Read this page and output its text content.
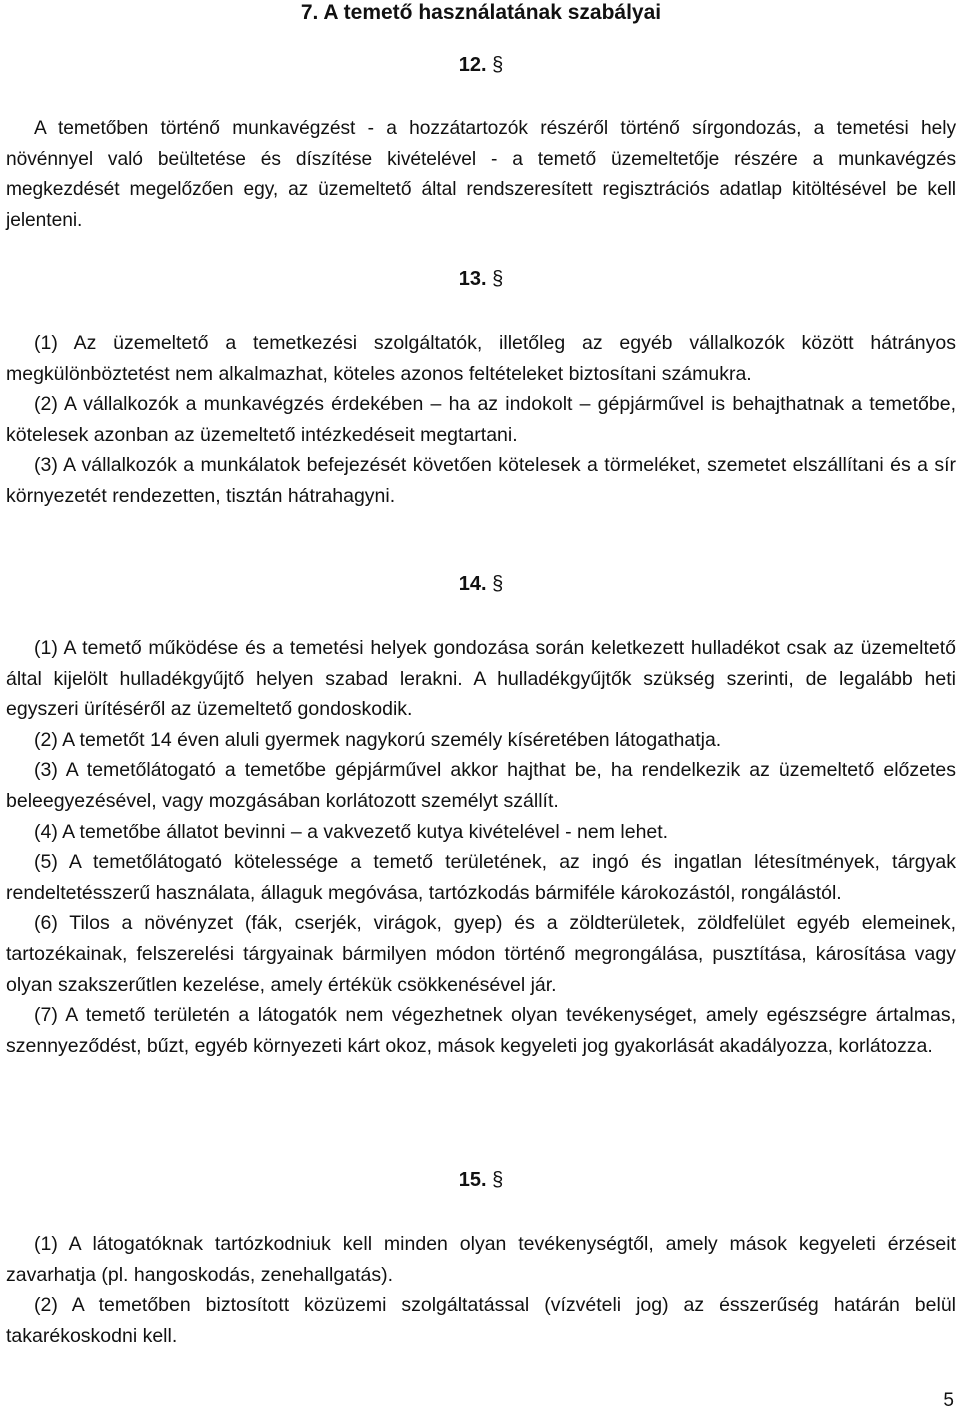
7. A temető használatának szabályai
12. §

A temetőben történő munkavégzést - a hozzátartozók részéről történő sírgondozás, a temetési hely növénnyel való beültetése és díszítése kivételével - a temető üzemeltetője részére a munkavégzés megkezdését megelőzően egy, az üzemeltető által rendszeresített regisztrációs adatlap kitöltésével be kell jelenteni.

13. §

(1) Az üzemeltető a temetkezési szolgáltatók, illetőleg az egyéb vállalkozók között hátrányos megkülönböztetést nem alkalmazhat, köteles azonos feltételeket biztosítani számukra.

(2) A vállalkozók a munkavégzés érdekében – ha az indokolt – gépjárművel is behajthatnak a temetőbe, kötelesek azonban az üzemeltető intézkedéseit megtartani.

(3) A vállalkozók a munkálatok befejezését követően kötelesek a törmeléket, szemetet elszállítani és a sír környezetét rendezetten, tisztán hátrahagyni.

14. §

(1) A temető működése és a temetési helyek gondozása során keletkezett hulladékot csak az üzemeltető által kijelölt hulladékgyűjtő helyen szabad lerakni. A hulladékgyűjtők szükség szerinti, de legalább heti egyszeri ürítéséről az üzemeltető gondoskodik.

(2) A temetőt 14 éven aluli gyermek nagykorú személy kíséretében látogathatja.

(3) A temetőlátogató a temetőbe gépjárművel akkor hajthat be, ha rendelkezik az üzemeltető előzetes beleegyezésével, vagy mozgásában korlátozott személyt szállít.

(4) A temetőbe állatot bevinni – a vakvezető kutya kivételével - nem lehet.

(5) A temetőlátogató kötelessége a temető területének, az ingó és ingatlan létesítmények, tárgyak rendeltetésszerű használata, állaguk megóvása, tartózkodás bármiféle károkozástól, rongálástól.

(6) Tilos a növényzet (fák, cserjék, virágok, gyep) és a zöldterületek, zöldfelület egyéb elemeinek, tartozékainak, felszerelési tárgyainak bármilyen módon történő megrongálása, pusztítása, károsítása vagy olyan szakszerűtlen kezelése, amely értékük csökkenésével jár.

(7) A temető területén a látogatók nem végezhetnek olyan tevékenységet, amely egészségre ártalmas, szennyeződést, bűzt, egyéb környezeti kárt okoz, mások kegyeleti jog gyakorlását akadályozza, korlátozza.

15. §

(1) A látogatóknak tartózkodniuk kell minden olyan tevékenységtől, amely mások kegyeleti érzéseit zavarhatja (pl. hangoskodás, zenehallgatás).

(2) A temetőben biztosított közüzemi szolgáltatással (vízvételi jog) az ésszerűség határán belül takarékoskodni kell.

5
